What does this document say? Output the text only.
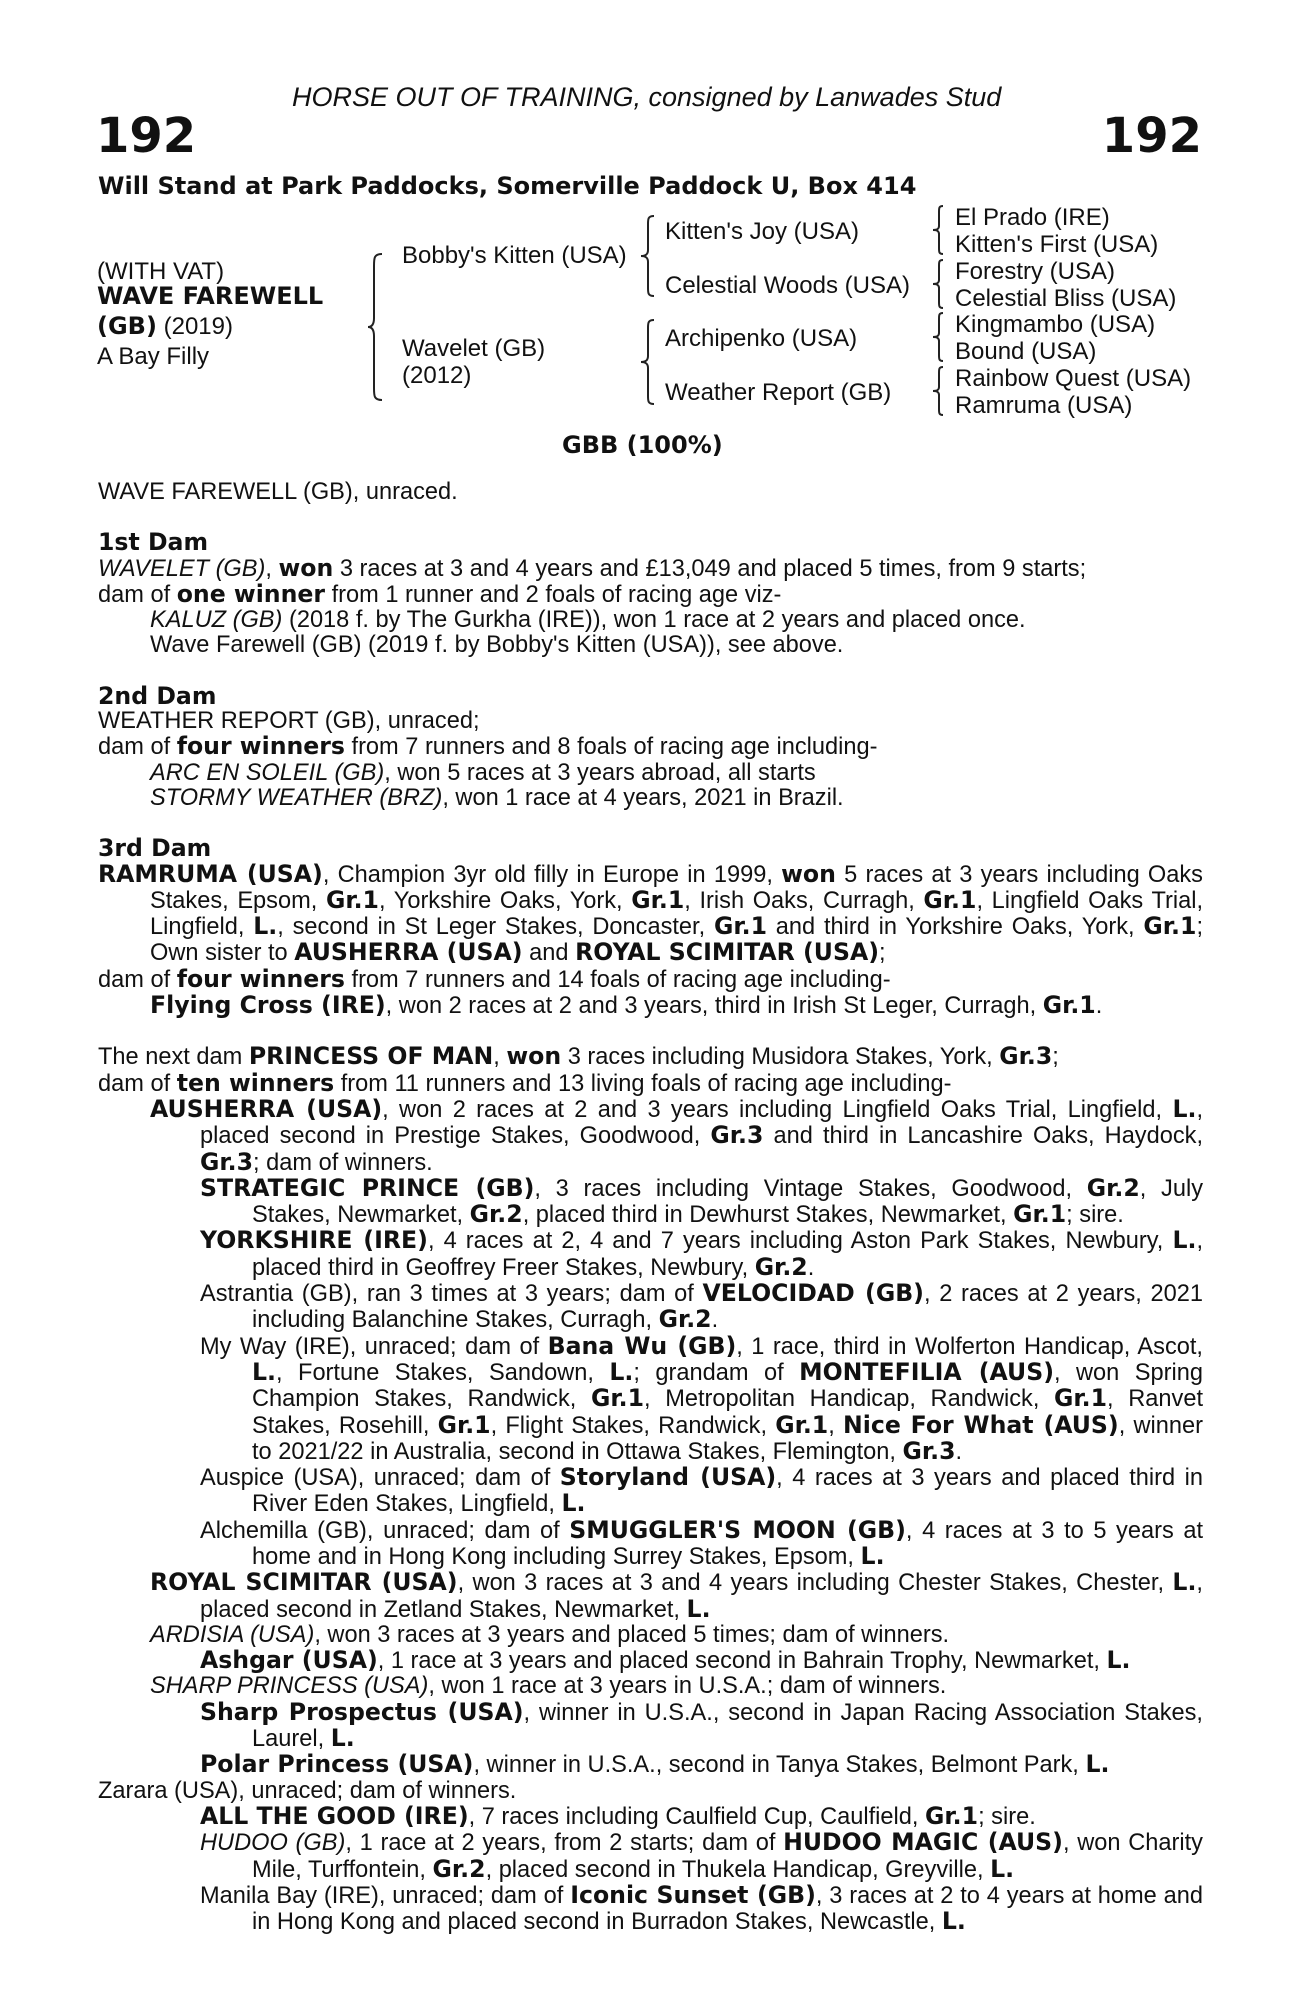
HORSE OUT OF TRAINING, consigned by Lanwades Stud
192	192
Will Stand at Park Paddocks, Somerville Paddock U, Box 414
(WITH VAT)
WAVE FAREWELL
(GB) (2019)
A Bay Filly
Bobby's Kitten (USA)
Wavelet (GB)
(2012)
Kitten's Joy (USA)
Celestial Woods (USA)
Archipenko (USA)
Weather Report (GB)
El Prado (IRE)
Kitten's First (USA)
Forestry (USA)
Celestial Bliss (USA)
Kingmambo (USA)
Bound (USA)
Rainbow Quest (USA)
Ramruma (USA)
GBB (100%)

WAVE FAREWELL (GB), unraced.

1st Dam

WAVELET (GB), won 3 races at 3 and 4 years and £13,049 and placed 5 times, from 9 starts;

dam of one winner from 1 runner and 2 foals of racing age viz-

KALUZ (GB) (2018 f. by The Gurkha (IRE)), won 1 race at 2 years and placed once.

Wave Farewell (GB) (2019 f. by Bobby's Kitten (USA)), see above.

2nd Dam

WEATHER REPORT (GB), unraced;

dam of four winners from 7 runners and 8 foals of racing age including-

ARC EN SOLEIL (GB), won 5 races at 3 years abroad, all starts

STORMY WEATHER (BRZ), won 1 race at 4 years, 2021 in Brazil.

3rd Dam

RAMRUMA (USA), Champion 3yr old filly in Europe in 1999, won 5 races at 3 years including Oaks Stakes, Epsom, Gr.1, Yorkshire Oaks, York, Gr.1, Irish Oaks, Curragh, Gr.1, Lingfield Oaks Trial, Lingfield, L., second in St Leger Stakes, Doncaster, Gr.1 and third in Yorkshire Oaks, York, Gr.1; Own sister to AUSHERRA (USA) and ROYAL SCIMITAR (USA);

dam of four winners from 7 runners and 14 foals of racing age including-

Flying Cross (IRE), won 2 races at 2 and 3 years, third in Irish St Leger, Curragh, Gr.1.

The next dam PRINCESS OF MAN, won 3 races including Musidora Stakes, York, Gr.3;

dam of ten winners from 11 runners and 13 living foals of racing age including-

AUSHERRA (USA), won 2 races at 2 and 3 years including Lingfield Oaks Trial, Lingfield, L., placed second in Prestige Stakes, Goodwood, Gr.3 and third in Lancashire Oaks, Haydock, Gr.3; dam of winners.

STRATEGIC PRINCE (GB), 3 races including Vintage Stakes, Goodwood, Gr.2, July Stakes, Newmarket, Gr.2, placed third in Dewhurst Stakes, Newmarket, Gr.1; sire.

YORKSHIRE (IRE), 4 races at 2, 4 and 7 years including Aston Park Stakes, Newbury, L., placed third in Geoffrey Freer Stakes, Newbury, Gr.2.

Astrantia (GB), ran 3 times at 3 years; dam of VELOCIDAD (GB), 2 races at 2 years, 2021 including Balanchine Stakes, Curragh, Gr.2.

My Way (IRE), unraced; dam of Bana Wu (GB), 1 race, third in Wolferton Handicap, Ascot, L., Fortune Stakes, Sandown, L.; grandam of MONTEFILIA (AUS), won Spring Champion Stakes, Randwick, Gr.1, Metropolitan Handicap, Randwick, Gr.1, Ranvet Stakes, Rosehill, Gr.1, Flight Stakes, Randwick, Gr.1, Nice For What (AUS), winner to 2021/22 in Australia, second in Ottawa Stakes, Flemington, Gr.3.

Auspice (USA), unraced; dam of Storyland (USA), 4 races at 3 years and placed third in River Eden Stakes, Lingfield, L.

Alchemilla (GB), unraced; dam of SMUGGLER'S MOON (GB), 4 races at 3 to 5 years at home and in Hong Kong including Surrey Stakes, Epsom, L.

ROYAL SCIMITAR (USA), won 3 races at 3 and 4 years including Chester Stakes, Chester, L., placed second in Zetland Stakes, Newmarket, L.

ARDISIA (USA), won 3 races at 3 years and placed 5 times; dam of winners.

Ashgar (USA), 1 race at 3 years and placed second in Bahrain Trophy, Newmarket, L.

SHARP PRINCESS (USA), won 1 race at 3 years in U.S.A.; dam of winners.

Sharp Prospectus (USA), winner in U.S.A., second in Japan Racing Association Stakes, Laurel, L.

Polar Princess (USA), winner in U.S.A., second in Tanya Stakes, Belmont Park, L.

Zarara (USA), unraced; dam of winners.

ALL THE GOOD (IRE), 7 races including Caulfield Cup, Caulfield, Gr.1; sire.

HUDOO (GB), 1 race at 2 years, from 2 starts; dam of HUDOO MAGIC (AUS), won Charity Mile, Turffontein, Gr.2, placed second in Thukela Handicap, Greyville, L.

Manila Bay (IRE), unraced; dam of Iconic Sunset (GB), 3 races at 2 to 4 years at home and in Hong Kong and placed second in Burradon Stakes, Newcastle, L.
